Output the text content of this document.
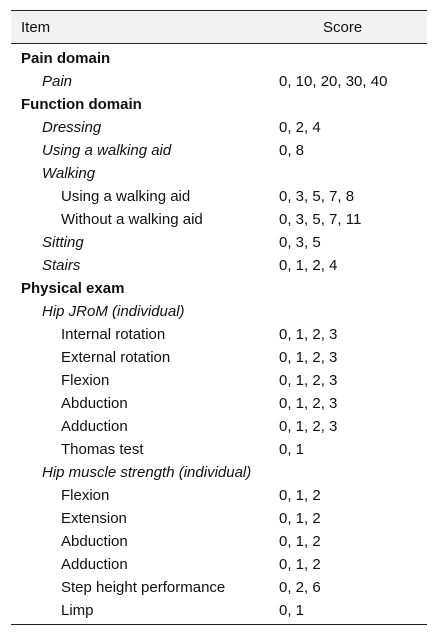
Item	Score
Pain domain
Pain	0, 10, 20, 30, 40
Function domain
Dressing	0, 2, 4
Using a walking aid	0, 8
Walking
Using a walking aid	0, 3, 5, 7, 8
Without a walking aid	0, 3, 5, 7, 11
Sitting	0, 3, 5
Stairs	0, 1, 2, 4
Physical exam
Hip JRoM (individual)
Internal rotation	0, 1, 2, 3
External rotation	0, 1, 2, 3
Flexion	0, 1, 2, 3
Abduction	0, 1, 2, 3
Adduction	0, 1, 2, 3
Thomas test	0, 1
Hip muscle strength (individual)
Flexion	0, 1, 2
Extension	0, 1, 2
Abduction	0, 1, 2
Adduction	0, 1, 2
Step height performance	0, 2, 6
Limp	0, 1
